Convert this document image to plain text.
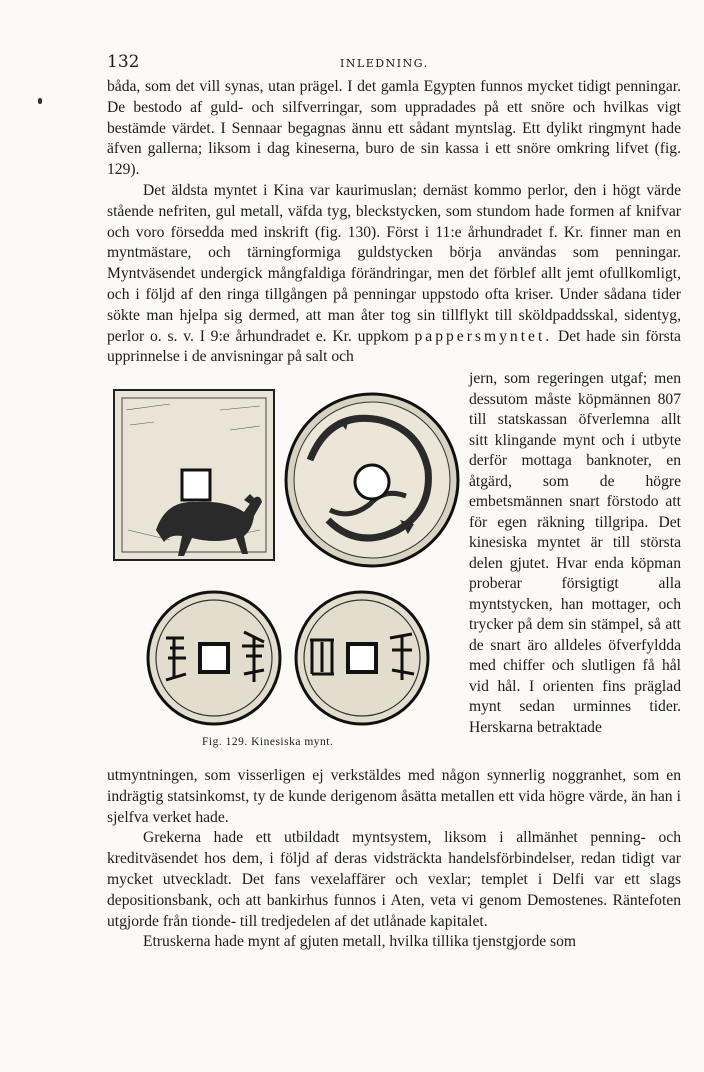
132	INLEDNING.

båda, som det vill synas, utan prägel. I det gamla Egypten funnos mycket tidigt penningar. De bestodo af guld- och silfverringar, som uppradades på ett snöre och hvilkas vigt bestämde värdet. I Sennaar begagnas ännu ett sådant myntslag. Ett dylikt ringmynt hade äfven gallerna; liksom i dag kineserna, buro de sin kassa i ett snöre omkring lifvet (fig. 129).

Det äldsta myntet i Kina var kaurimuslan; dernäst kommo perlor, den i högt värde stående nefriten, gul metall, väfda tyg, bleckstycken, som stundom hade formen af knifvar och voro försedda med inskrift (fig. 130). Först i 11:e århundradet f. Kr. finner man en myntmästare, och tärningformiga guldstycken börja användas som penningar. Myntväsendet undergick mångfaldiga förändringar, men det förblef allt jemt ofullkomligt, och i följd af den ringa tillgången på penningar uppstodo ofta kriser. Under sådana tider sökte man hjelpa sig dermed, att man åter tog sin tillflykt till sköldpaddsskal, sidentyg, perlor o. s. v. I 9:e århundradet e. Kr. uppkom pappersmyntet. Det hade sin första upprinnelse i de anvisningar på salt och

jern, som regeringen utgaf; men dessutom måste köpmännen 807 till statskassan öfverlemna allt sitt klingande mynt och i utbyte derför mottaga banknoter, en åtgärd, som de högre embetsmännen snart förstodo att för egen räkning tillgripa. Det kinesiska myntet är till största delen gjutet. Hvar enda köpman proberar försigtigt alla myntstycken, han mottager, och trycker på dem sin stämpel, så att de snart äro alldeles öfverfyldda med chiffer och slutligen få hål vid hål. I orienten fins präglad mynt sedan urminnes tider. Herskarna betraktade
Fig. 129. Kinesiska mynt.

utmyntningen, som visserligen ej verkstäldes med någon synnerlig noggranhet, som en indrägtig statsinkomst, ty de kunde derigenom åsätta metallen ett vida högre värde, än han i sjelfva verket hade.

Grekerna hade ett utbildadt myntsystem, liksom i allmänhet penning- och kreditväsendet hos dem, i följd af deras vidsträckta handelsförbindelser, redan tidigt var mycket utveckladt. Det fans vexelaffärer och vexlar; templet i Delfi var ett slags depositionsbank, och att bankirhus funnos i Aten, veta vi genom Demostenes. Räntefoten utgjorde från tionde- till tredjedelen af det utlånade kapitalet.

Etruskerna hade mynt af gjuten metall, hvilka tillika tjenstgjorde som
